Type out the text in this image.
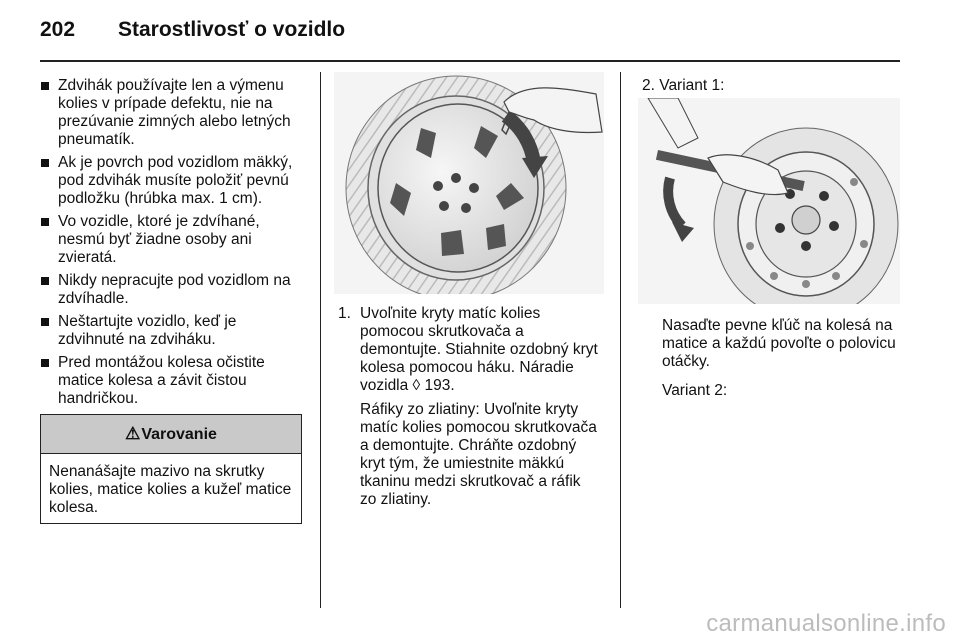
202 Starostlivosť o vozidlo
Zdvihák používajte len a výmenu kolies v prípade defektu, nie na prezúvanie zimných alebo letných pneumatík.
Ak je povrch pod vozidlom mäkký, pod zdvihák musíte položiť pevnú podložku (hrúbka max. 1 cm).
Vo vozidle, ktoré je zdvíhané, nesmú byť žiadne osoby ani zvieratá.
Nikdy nepracujte pod vozidlom na zdvíhadle.
Neštartujte vozidlo, keď je zdvihnuté na zdviháku.
Pred montážou kolesa očistite matice kolesa a závit čistou handričkou.
⚠Varovanie
Nenanášajte mazivo na skrutky kolies, matice kolies a kužeľ matice kolesa.
1. Uvoľnite kryty matíc kolies pomocou skrutkovača a demontujte. Stiahnite ozdobný kryt kolesa pomocou háku. Náradie vozidla ◊ 193.
Ráfiky zo zliatiny: Uvoľnite kryty matíc kolies pomocou skrutkovača a demontujte. Chráňte ozdobný kryt tým, že umiestnite mäkkú tkaninu medzi skrutkovač a ráfik zo zliatiny.
2. Variant 1:
Nasaďte pevne kľúč na kolesá na matice a každú povoľte o polovicu otáčky.
Variant 2:
carmanualsonline.info
